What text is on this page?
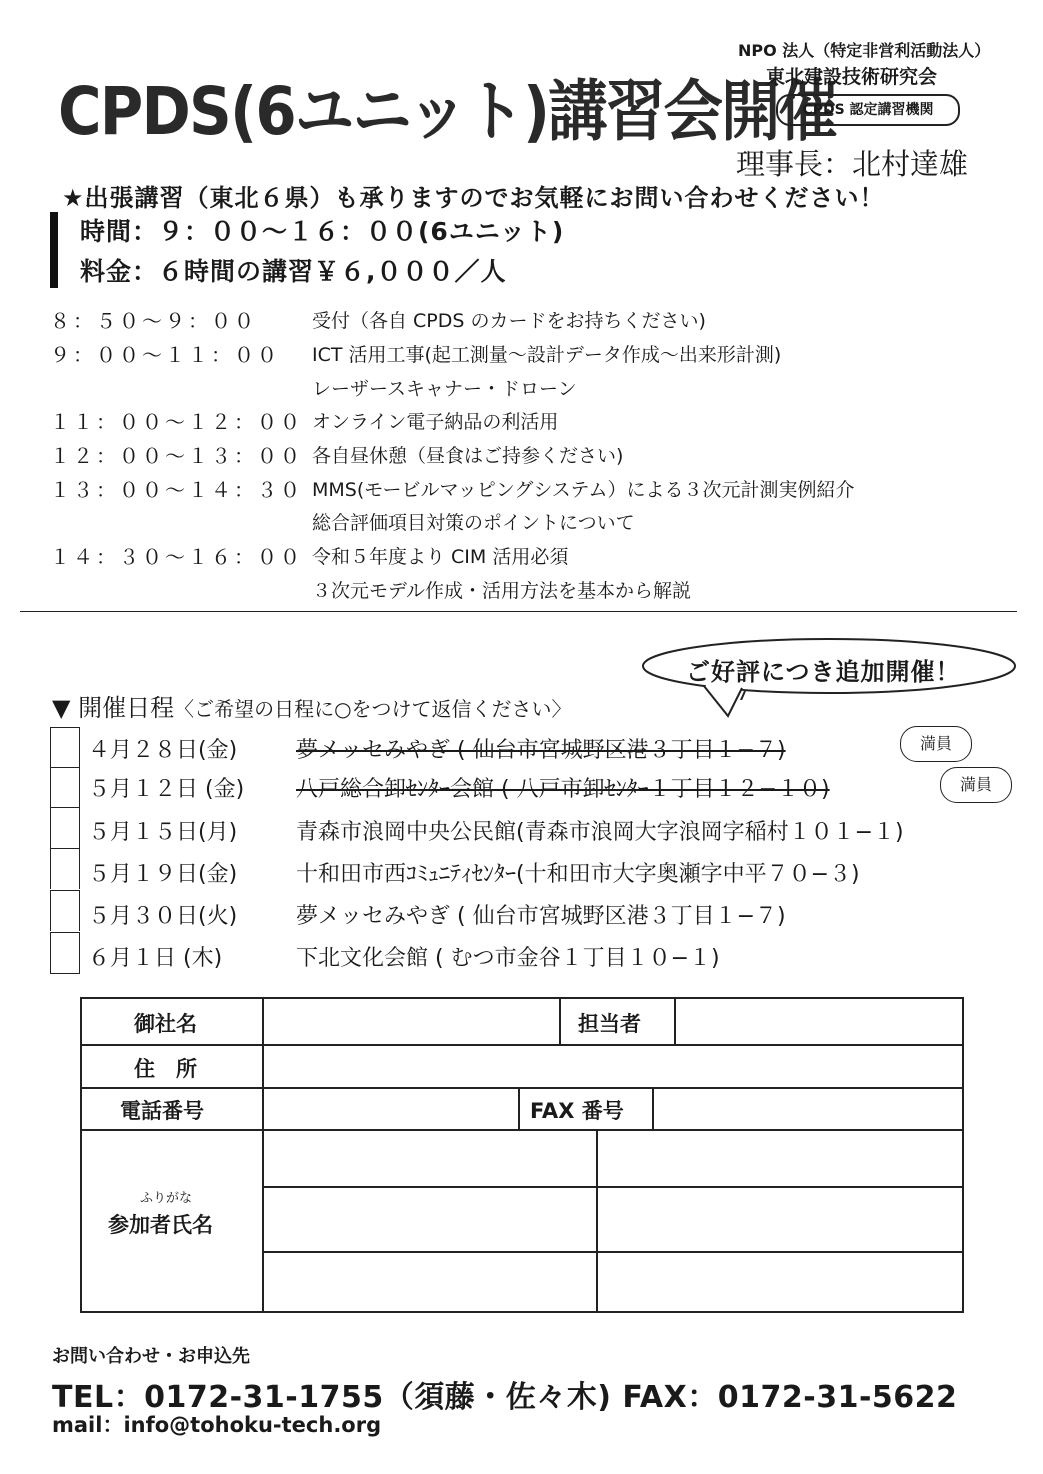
CPDS(6ユニット)講習会開催
NPO 法人（特定非営利活動法人）
東北建設技術研究会
CPDS 認定講習機関
理事長：北村達雄
★出張講習（東北６県）も承りますのでお気軽にお問い合わせください！
時間：９：００〜１６：００(6ユニット)
料金：６時間の講習￥６,０００／人
８：５０〜９：００	受付（各自 CPDS のカードをお持ちください)
９：００〜１１：００ ICT 活用工事(起工測量〜設計データ作成〜出来形計測)
レーザースキャナー・ドローン
１１：００〜１２：００ オンライン電子納品の利活用
１２：００〜１３：００ 各自昼休憩（昼食はご持参ください)
１３：００〜１４：３０ MMS(モービルマッピングシステム）による３次元計測実例紹介
総合評価項目対策のポイントについて
１４：３０〜１６：００ 令和５年度より CIM 活用必須
３次元モデル作成・活用方法を基本から解説
ご好評につき追加開催！
▼ 開催日程〈ご希望の日程に○をつけて返信ください〉
４月２８日(金)	夢メッセみやぎ ( 仙台市宮城野区港３丁目１−７)	満員
５月１２日 (金) 八戸総合卸ｾﾝﾀｰ会館 ( 八戸市卸ｾﾝﾀｰ１丁目１２−１０)	満員
５月１５日(月)	青森市浪岡中央公民館(青森市浪岡大字浪岡字稲村１０１−１)
５月１９日(金)	十和田市西ｺﾐｭﾆﾃｨｾﾝﾀｰ(十和田市大字奥瀬字中平７０−３)
５月３０日(火)	夢メッセみやぎ ( 仙台市宮城野区港３丁目１−７)
６月１日 (木)	下北文化会館 ( むつ市金谷１丁目１０−１)
御社名	担当者
住　所
電話番号	FAX 番号
ふりがな
参加者氏名
お問い合わせ・お申込先
TEL：0172-31-1755（須藤・佐々木) FAX：0172-31-5622
mail：info@tohoku-tech.org
